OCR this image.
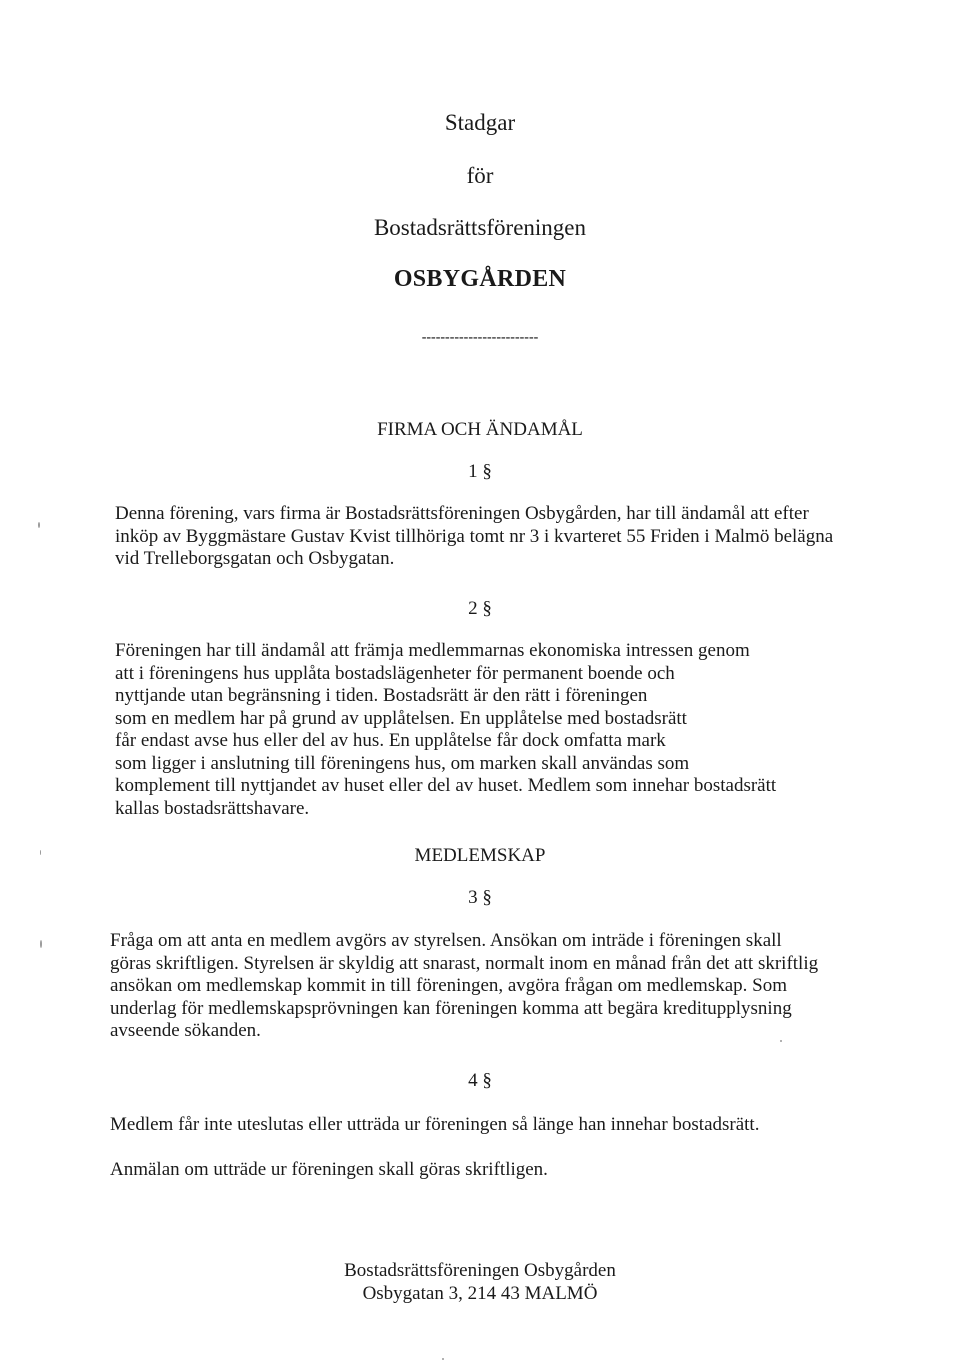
Stadgar
för
Bostadsrättsföreningen
OSBYGÅRDEN
-------------------------
FIRMA OCH ÄNDAMÅL
1 §
Denna förening, vars firma är Bostadsrättsföreningen Osbygården, har till ändamål att efter
inköp av Byggmästare Gustav Kvist tillhöriga tomt nr 3 i kvarteret 55 Friden i Malmö belägna
vid Trelleborgsgatan och Osbygatan.
2 §
Föreningen har till ändamål att främja medlemmarnas ekonomiska intressen genom
att i föreningens hus upplåta bostadslägenheter för permanent boende och
nyttjande utan begränsning i tiden. Bostadsrätt är den rätt i föreningen
som en medlem har på grund av upplåtelsen. En upplåtelse med bostadsrätt
får endast avse hus eller del av hus. En upplåtelse får dock omfatta mark
som ligger i anslutning till föreningens hus, om marken skall användas som
komplement till nyttjandet av huset eller del av huset. Medlem som innehar bostadsrätt
kallas bostadsrättshavare.
MEDLEMSKAP
3 §
Fråga om att anta en medlem avgörs av styrelsen. Ansökan om inträde i föreningen skall
göras skriftligen. Styrelsen är skyldig att snarast, normalt inom en månad från det att skriftlig
ansökan om medlemskap kommit in till föreningen, avgöra frågan om medlemskap. Som
underlag för medlemskapsprövningen kan föreningen komma att begära kreditupplysning
avseende sökanden.
4 §
Medlem får inte uteslutas eller utträda ur föreningen så länge han innehar bostadsrätt.
Anmälan om utträde ur föreningen skall göras skriftligen.
Bostadsrättsföreningen Osbygården
Osbygatan 3, 214 43 MALMÖ
